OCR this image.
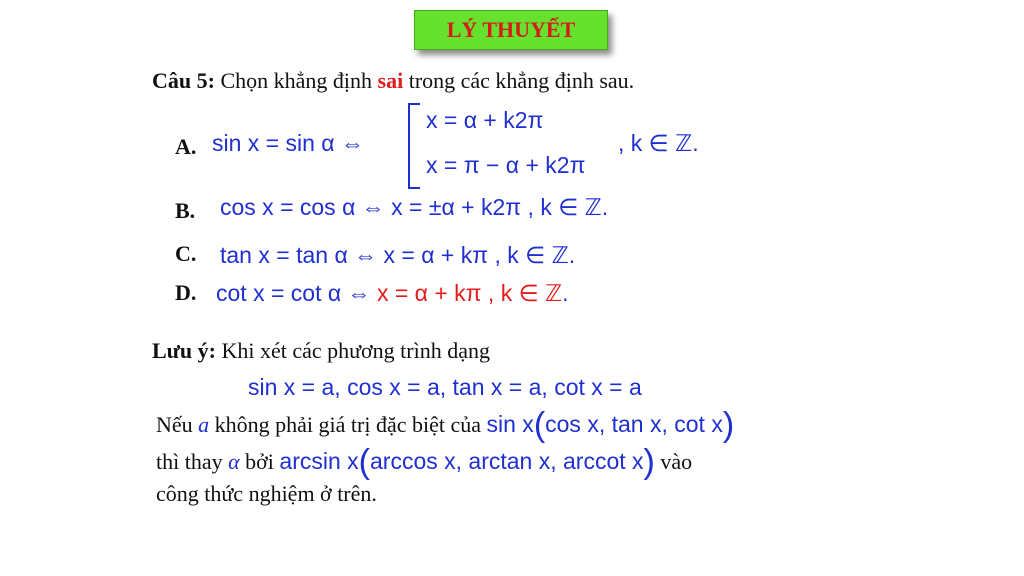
LÝ THUYẾT
Câu 5: Chọn khẳng định sai trong các khẳng định sau.
A. sin x = sin α ⇔
x = α + k2π
x = π − α + k2π
, k ∈ ℤ.
B. cos x = cos α ⇔ x = ±α + k2π , k ∈ ℤ.
C. tan x = tan α ⇔ x = α + kπ , k ∈ ℤ.
D. cot x = cot α ⇔ x = α + kπ , k ∈ ℤ.
Lưu ý: Khi xét các phương trình dạng
sin x = a, cos x = a, tan x = a, cot x = a
Nếu a không phải giá trị đặc biệt của sin x(cos x, tan x, cot x)
thì thay α bởi arcsin x(arccos x, arctan x, arccot x) vào
công thức nghiệm ở trên.
